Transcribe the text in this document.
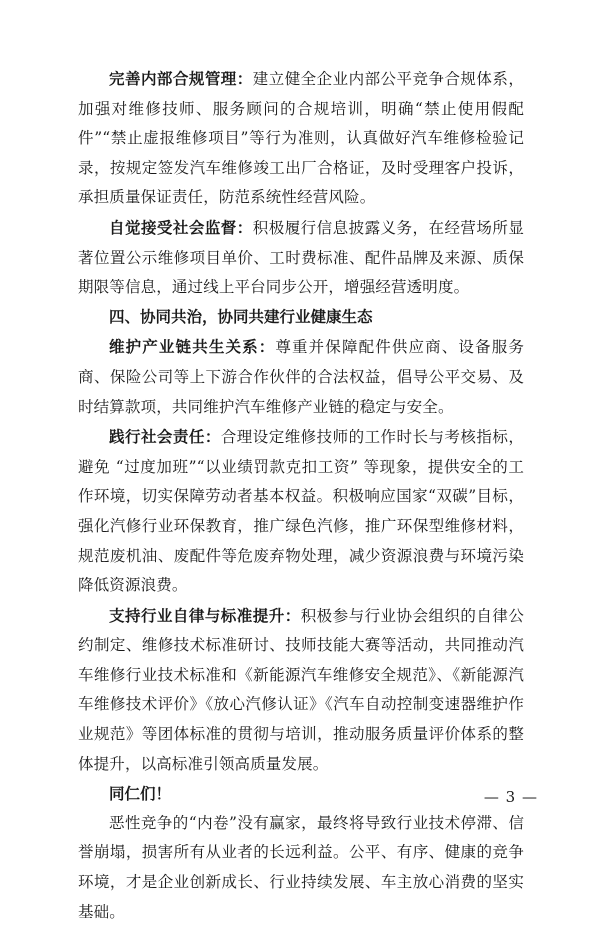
完善内部合规管理：建立健全企业内部公平竞争合规体系，加强对维修技师、服务顾问的合规培训，明确“禁止使用假配件”“禁止虚报维修项目”等行为准则，认真做好汽车维修检验记录，按规定签发汽车维修竣工出厂合格证，及时受理客户投诉，承担质量保证责任，防范系统性经营风险。

自觉接受社会监督：积极履行信息披露义务，在经营场所显著位置公示维修项目单价、工时费标准、配件品牌及来源、质保期限等信息，通过线上平台同步公开，增强经营透明度。

四、协同共治，协同共建行业健康生态

维护产业链共生关系：尊重并保障配件供应商、设备服务商、保险公司等上下游合作伙伴的合法权益，倡导公平交易、及时结算款项，共同维护汽车维修产业链的稳定与安全。

践行社会责任：合理设定维修技师的工作时长与考核指标，避免 “过度加班”“以业绩罚款克扣工资” 等现象，提供安全的工作环境，切实保障劳动者基本权益。积极响应国家“双碳”目标，强化汽修行业环保教育，推广绿色汽修，推广环保型维修材料，规范废机油、废配件等危废弃物处理，减少资源浪费与环境污染降低资源浪费。

支持行业自律与标准提升：积极参与行业协会组织的自律公约制定、维修技术标准研讨、技师技能大赛等活动，共同推动汽车维修行业技术标准和《新能源汽车维修安全规范》、《新能源汽车维修技术评价》《放心汽修认证》《汽车自动控制变速器维护作业规范》等团体标准的贯彻与培训，推动服务质量评价体系的整体提升，以高标准引领高质量发展。

同仁们！

恶性竞争的“内卷”没有赢家，最终将导致行业技术停滞、信誉崩塌，损害所有从业者的长远利益。公平、有序、健康的竞争环境，才是企业创新成长、行业持续发展、车主放心消费的坚实基础。

— 3 —
